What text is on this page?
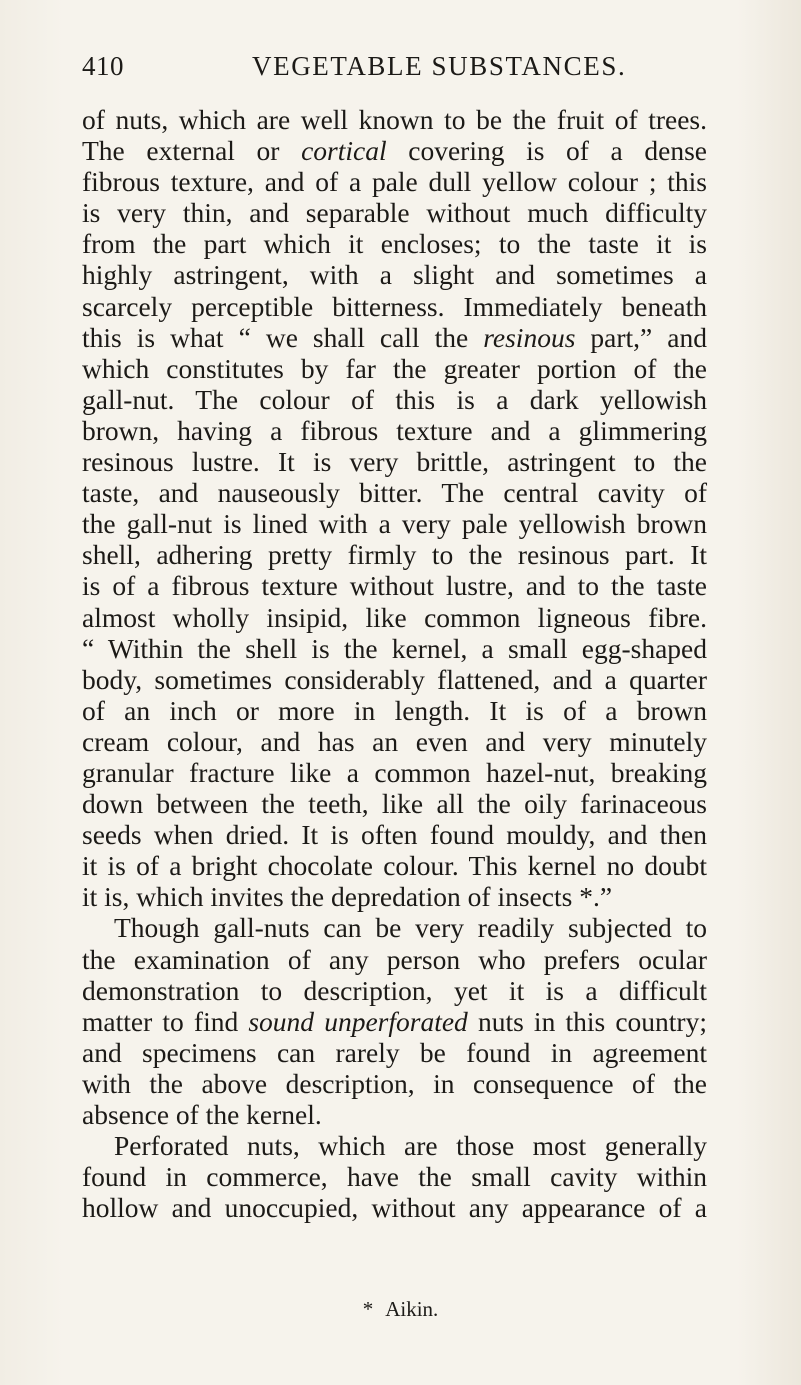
410	VEGETABLE SUBSTANCES.
of nuts, which are well known to be the fruit of trees.
The external or cortical covering is of a dense
fibrous texture, and of a pale dull yellow colour ; this
is very thin, and separable without much difficulty
from the part which it encloses; to the taste it is
highly astringent, with a slight and sometimes a
scarcely perceptible bitterness. Immediately beneath
this is what “ we shall call the resinous part,” and
which constitutes by far the greater portion of the
gall-nut. The colour of this is a dark yellowish
brown, having a fibrous texture and a glimmering
resinous lustre. It is very brittle, astringent to the
taste, and nauseously bitter. The central cavity of
the gall-nut is lined with a very pale yellowish brown
shell, adhering pretty firmly to the resinous part. It
is of a fibrous texture without lustre, and to the taste
almost wholly insipid, like common ligneous fibre.
“ Within the shell is the kernel, a small egg-shaped
body, sometimes considerably flattened, and a quarter
of an inch or more in length. It is of a brown
cream colour, and has an even and very minutely
granular fracture like a common hazel-nut, breaking
down between the teeth, like all the oily farinaceous
seeds when dried. It is often found mouldy, and then
it is of a bright chocolate colour. This kernel no doubt
it is, which invites the depredation of insects *.”
Though gall-nuts can be very readily subjected to
the examination of any person who prefers ocular
demonstration to description, yet it is a difficult
matter to find sound unperforated nuts in this country;
and specimens can rarely be found in agreement
with the above description, in consequence of the
absence of the kernel.
Perforated nuts, which are those most generally
found in commerce, have the small cavity within
hollow and unoccupied, without any appearance of a
* Aikin.
